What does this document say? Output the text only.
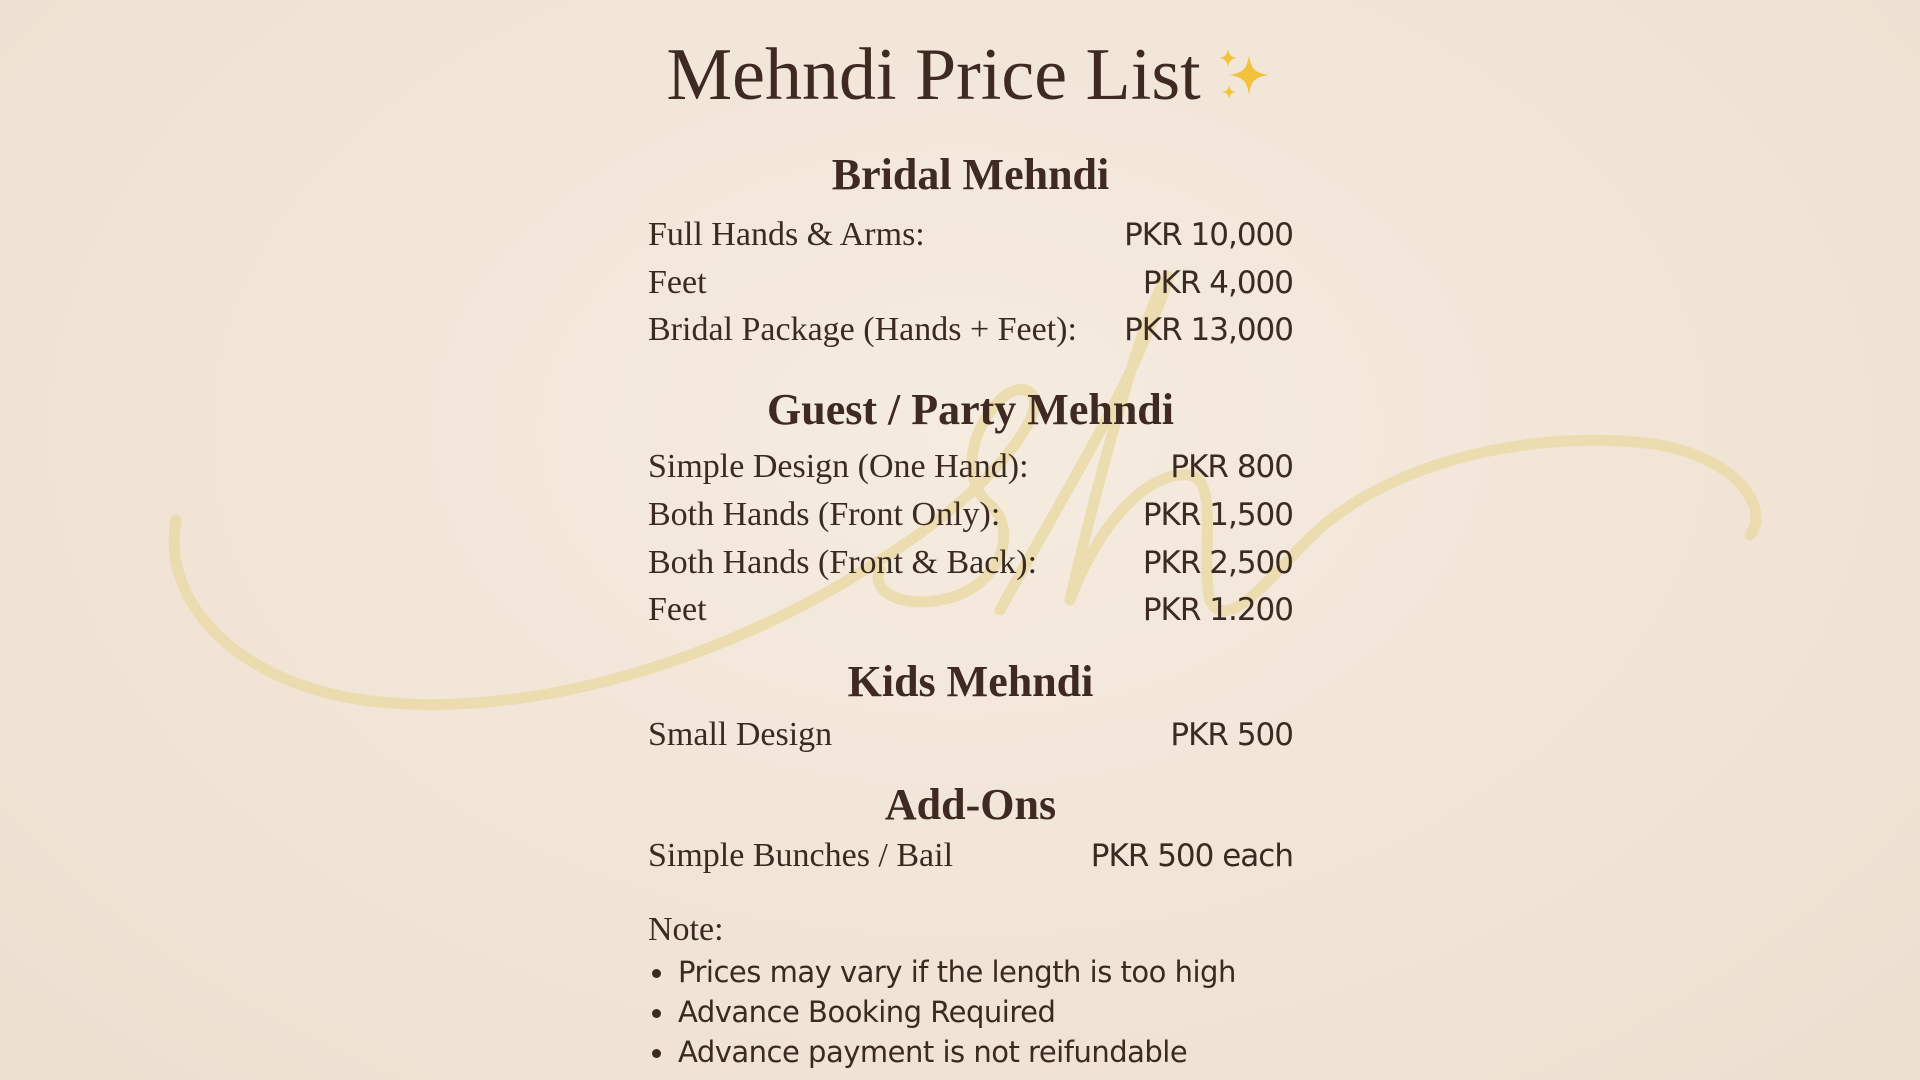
Mehndi Price List
Bridal Mehndi
Full Hands & Arms:	PKR 10,000
Feet	PKR 4,000
Bridal Package (Hands + Feet): PKR 13,000
Guest / Party Mehndi
Simple Design (One Hand):	PKR 800
Both Hands (Front Only):	PKR 1,500
Both Hands (Front & Back):	PKR 2,500
Feet	PKR 1.200
Kids Mehndi
Small Design	PKR 500
Add-Ons
Simple Bunches / Bail	PKR 500 each
Note:
Prices may vary if the length is too high
Advance Booking Required
Advance payment is not reifundable
